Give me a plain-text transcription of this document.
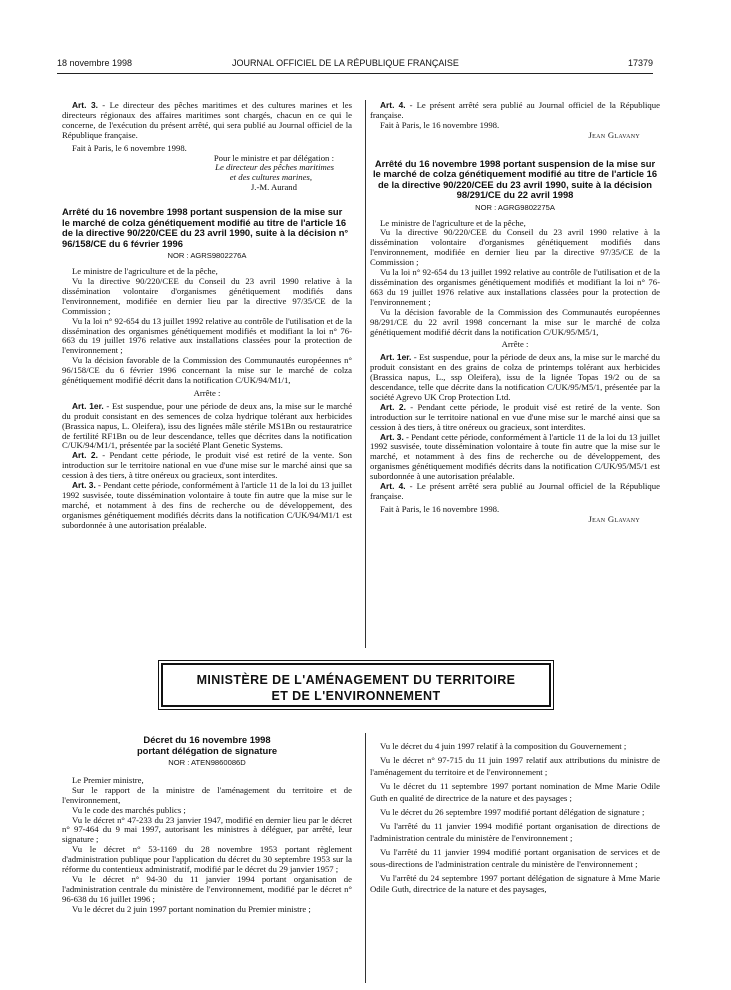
18 novembre 1998	JOURNAL OFFICIEL DE LA RÉPUBLIQUE FRANÇAISE	17379

Art. 3. - Le directeur des pêches maritimes et des cultures marines et les directeurs régionaux des affaires maritimes sont chargés, chacun en ce qui le concerne, de l'exécution du présent arrêté, qui sera publié au Journal officiel de la République française.

Fait à Paris, le 6 novembre 1998.

Pour le ministre et par délégation :

Le directeur des pêches maritimes

et des cultures marines,

J.-M. Aurand

Arrêté du 16 novembre 1998 portant suspension de la mise sur le marché de colza génétiquement modifié au titre de l'article 16 de la directive 90/220/CEE du 23 avril 1990, suite à la décision n° 96/158/CE du 6 février 1996

NOR : AGRS9802276A

Le ministre de l'agriculture et de la pêche,

Vu la directive 90/220/CEE du Conseil du 23 avril 1990 relative à la dissémination volontaire d'organismes génétiquement modifiés dans l'environnement, modifiée en dernier lieu par la directive 97/35/CE de la Commission ;

Vu la loi n° 92-654 du 13 juillet 1992 relative au contrôle de l'utilisation et de la dissémination des organismes génétiquement modifiés et modifiant la loi n° 76-663 du 19 juillet 1976 relative aux installations classées pour la protection de l'environnement ;

Vu la décision favorable de la Commission des Communautés européennes n° 96/158/CE du 6 février 1996 concernant la mise sur le marché de colza génétiquement modifié décrit dans la notification C/UK/94/M1/1,

Arrête :

Art. 1er. - Est suspendue, pour une période de deux ans, la mise sur le marché du produit consistant en des semences de colza hydrique tolérant aux herbicides (Brassica napus, L. Oleifera), issu des lignées mâle stérile MS1Bn ou restauratrice de fertilité RF1Bn ou de leur descendance, telles que décrites dans la notification C/UK/94/M1/1, présentée par la société Plant Genetic Systems.

Art. 2. - Pendant cette période, le produit visé est retiré de la vente. Son introduction sur le territoire national en vue d'une mise sur le marché ainsi que sa cession à des tiers, à titre onéreux ou gracieux, sont interdites.

Art. 3. - Pendant cette période, conformément à l'article 11 de la loi du 13 juillet 1992 susvisée, toute dissémination volontaire à toute fin autre que la mise sur le marché, et notamment à des fins de recherche ou de développement, des organismes génétiquement modifiés décrits dans la notification C/UK/94/M1/1 est subordonnée à une autorisation préalable.

Art. 4. - Le présent arrêté sera publié au Journal officiel de la République française.

Fait à Paris, le 16 novembre 1998.

Jean Glavany

Arrêté du 16 novembre 1998 portant suspension de la mise sur le marché de colza génétiquement modifié au titre de l'article 16 de la directive 90/220/CEE du 23 avril 1990, suite à la décision 98/291/CE du 22 avril 1998

NOR : AGRG9802275A

Le ministre de l'agriculture et de la pêche,

Vu la directive 90/220/CEE du Conseil du 23 avril 1990 relative à la dissémination volontaire d'organismes génétiquement modifiés dans l'environnement, modifiée en dernier lieu par la directive 97/35/CE de la Commission ;

Vu la loi n° 92-654 du 13 juillet 1992 relative au contrôle de l'utilisation et de la dissémination des organismes génétiquement modifiés et modifiant la loi n° 76-663 du 19 juillet 1976 relative aux installations classées pour la protection de l'environnement ;

Vu la décision favorable de la Commission des Communautés européennes 98/291/CE du 22 avril 1998 concernant la mise sur le marché de colza génétiquement modifié décrit dans la notification C/UK/95/M5/1,

Arrête :

Art. 1er. - Est suspendue, pour la période de deux ans, la mise sur le marché du produit consistant en des grains de colza de printemps tolérant aux herbicides (Brassica napus, L., ssp Oleifera), issu de la lignée Topas 19/2 ou de sa descendance, telle que décrite dans la notification C/UK/95/M5/1, présentée par la société Agrevo UK Crop Protection Ltd.

Art. 2. - Pendant cette période, le produit visé est retiré de la vente. Son introduction sur le territoire national en vue d'une mise sur le marché ainsi que sa cession à des tiers, à titre onéreux ou gracieux, sont interdites.

Art. 3. - Pendant cette période, conformément à l'article 11 de la loi du 13 juillet 1992 susvisée, toute dissémination volontaire à toute fin autre que la mise sur le marché, et notamment à des fins de recherche ou de développement, des organismes génétiquement modifiés décrits dans la notification C/UK/95/M5/1 est subordonnée à une autorisation préalable.

Art. 4. - Le présent arrêté sera publié au Journal officiel de la République française.

Fait à Paris, le 16 novembre 1998.

Jean Glavany

MINISTÈRE DE L'AMÉNAGEMENT DU TERRITOIRE
ET DE L'ENVIRONNEMENT
Décret du 16 novembre 1998
portant délégation de signature

NOR : ATEN9860086D

Le Premier ministre,

Sur le rapport de la ministre de l'aménagement du territoire et de l'environnement,

Vu le code des marchés publics ;

Vu le décret n° 47-233 du 23 janvier 1947, modifié en dernier lieu par le décret n° 97-464 du 9 mai 1997, autorisant les ministres à déléguer, par arrêté, leur signature ;

Vu le décret n° 53-1169 du 28 novembre 1953 portant règlement d'administration publique pour l'application du décret du 30 septembre 1953 sur la réforme du contentieux administratif, modifié par le décret du 29 janvier 1957 ;

Vu le décret n° 94-30 du 11 janvier 1994 portant organisation de l'administration centrale du ministère de l'environnement, modifié par le décret n° 96-638 du 16 juillet 1996 ;

Vu le décret du 2 juin 1997 portant nomination du Premier ministre ;

Vu le décret du 4 juin 1997 relatif à la composition du Gouvernement ;

Vu le décret n° 97-715 du 11 juin 1997 relatif aux attributions du ministre de l'aménagement du territoire et de l'environnement ;

Vu le décret du 11 septembre 1997 portant nomination de Mme Marie Odile Guth en qualité de directrice de la nature et des paysages ;

Vu le décret du 26 septembre 1997 modifié portant délégation de signature ;

Vu l'arrêté du 11 janvier 1994 modifié portant organisation de directions de l'administration centrale du ministère de l'environnement ;

Vu l'arrêté du 11 janvier 1994 modifié portant organisation de services et de sous-directions de l'administration centrale du ministère de l'environnement ;

Vu l'arrêté du 24 septembre 1997 portant délégation de signature à Mme Marie Odile Guth, directrice de la nature et des paysages,
